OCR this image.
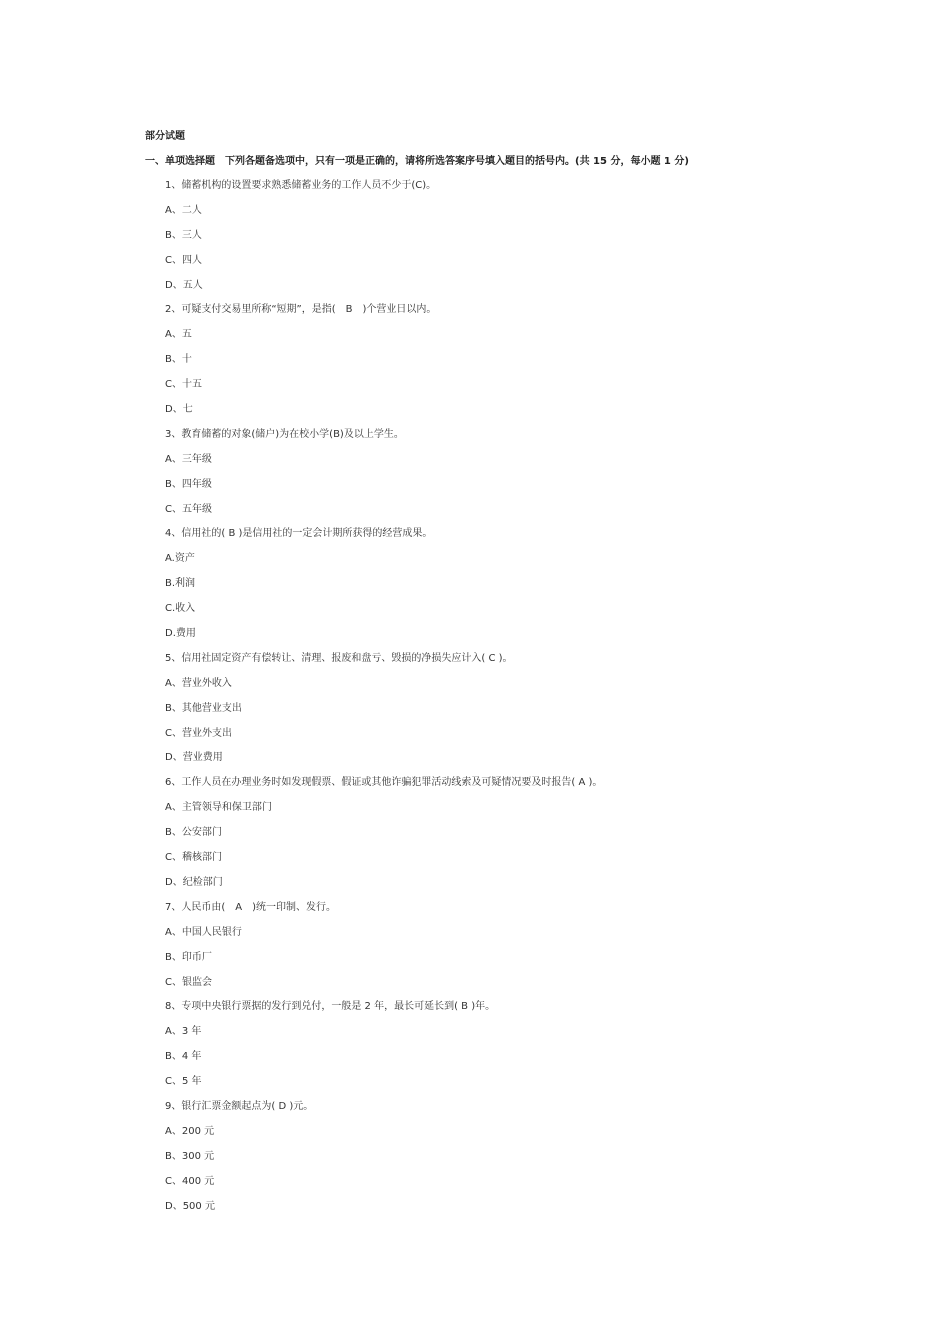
部分试题
一、单项选择题　下列各题备选项中，只有一项是正确的，请将所选答案序号填入题目的括号内。(共 15 分，每小题 1 分)
1、储蓄机构的设置要求熟悉储蓄业务的工作人员不少于(C)。
A、二人
B、三人
C、四人
D、五人
2、可疑支付交易里所称“短期”，是指(　B　)个营业日以内。
A、五
B、十
C、十五
D、七
3、教育储蓄的对象(储户)为在校小学(B)及以上学生。
A、三年级
B、四年级
C、五年级
4、信用社的( B )是信用社的一定会计期所获得的经营成果。
A.资产
B.利润
C.收入
D.费用
5、信用社固定资产有偿转让、清理、报废和盘亏、毁损的净损失应计入( C )。
A、营业外收入
B、其他营业支出
C、营业外支出
D、营业费用
6、工作人员在办理业务时如发现假票、假证或其他诈骗犯罪活动线索及可疑情况要及时报告( A )。
A、主管领导和保卫部门
B、公安部门
C、稽核部门
D、纪检部门
7、人民币由(　A　)统一印制、发行。
A、中国人民银行
B、印币厂
C、银监会
8、专项中央银行票据的发行到兑付，一般是 2 年，最长可延长到( B )年。
A、3 年
B、4 年
C、5 年
9、银行汇票金额起点为( D )元。
A、200 元
B、300 元
C、400 元
D、500 元
